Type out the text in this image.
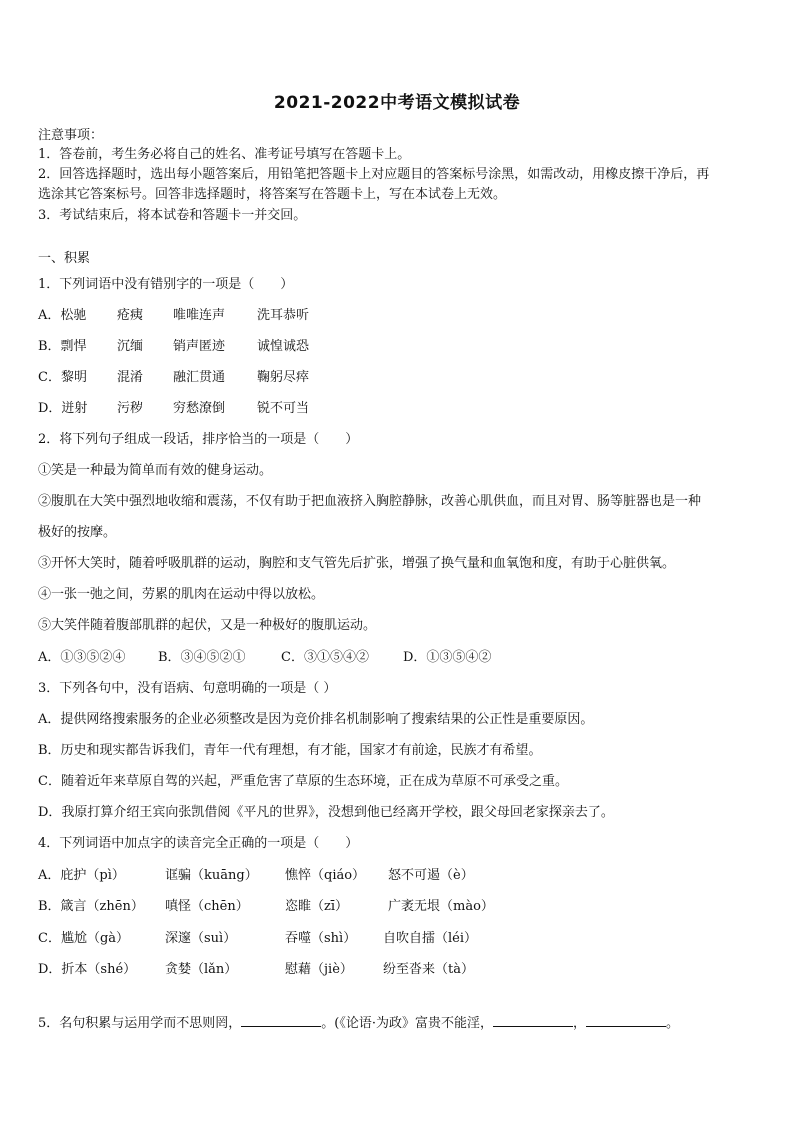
2021-2022中考语文模拟试卷
注意事项：
1．答卷前，考生务必将自己的姓名、准考证号填写在答题卡上。
2．回答选择题时，选出每小题答案后，用铅笔把答题卡上对应题目的答案标号涂黑，如需改动，用橡皮擦干净后，再
选涂其它答案标号。回答非选择题时，将答案写在答题卡上，写在本试卷上无效。
3．考试结束后，将本试卷和答题卡一并交回。
一、积累
1．下列词语中没有错别字的一项是（　　）
A．松驰 疮痍 唯唯连声 洗耳恭听
B．剽悍 沉缅 销声匿迹 诚惶诚恐
C．黎明 混淆 融汇贯通 鞠躬尽瘁
D．迸射 污秽 穷愁潦倒 锐不可当
2．将下列句子组成一段话，排序恰当的一项是（　　）
①笑是一种最为简单而有效的健身运动。
②腹肌在大笑中强烈地收缩和震荡，不仅有助于把血液挤入胸腔静脉，改善心肌供血，而且对胃、肠等脏器也是一种
极好的按摩。
③开怀大笑时，随着呼吸肌群的运动，胸腔和支气管先后扩张，增强了换气量和血氧饱和度，有助于心脏供氧。
④一张一弛之间，劳累的肌肉在运动中得以放松。
⑤大笑伴随着腹部肌群的起伏，又是一种极好的腹肌运动。
A．①③⑤②④	B．③④⑤②①	C．③①⑤④②	D．①③⑤④②
3．下列各句中，没有语病、句意明确的一项是（ ）
A．提供网络搜索服务的企业必须整改是因为竞价排名机制影响了搜索结果的公正性是重要原因。
B．历史和现实都告诉我们，青年一代有理想，有才能，国家才有前途，民族才有希望。
C．随着近年来草原自驾的兴起，严重危害了草原的生态环境，正在成为草原不可承受之重。
D．我原打算介绍王宾向张凯借阅《平凡的世界》，没想到他已经离开学校，跟父母回老家探亲去了。
4．下列词语中加点字的读音完全正确的一项是（　　）
A．庇护（pì）	诓骗（kuāng） 憔悴（qiáo） 怒不可遏（è）
B．箴言（zhēn） 嗔怪（chēn）	恣睢（zī）	广袤无垠（mào）
C．尴尬（gà）	深邃（suì）	吞噬（shì） 自吹自擂（léi）
D．折本（shé） 贪婪（lǎn）	慰藉（jiè） 纷至沓来（tà）
5．名句积累与运用学而不思则罔，	。(《论语·为政》富贵不能淫，	，	。
